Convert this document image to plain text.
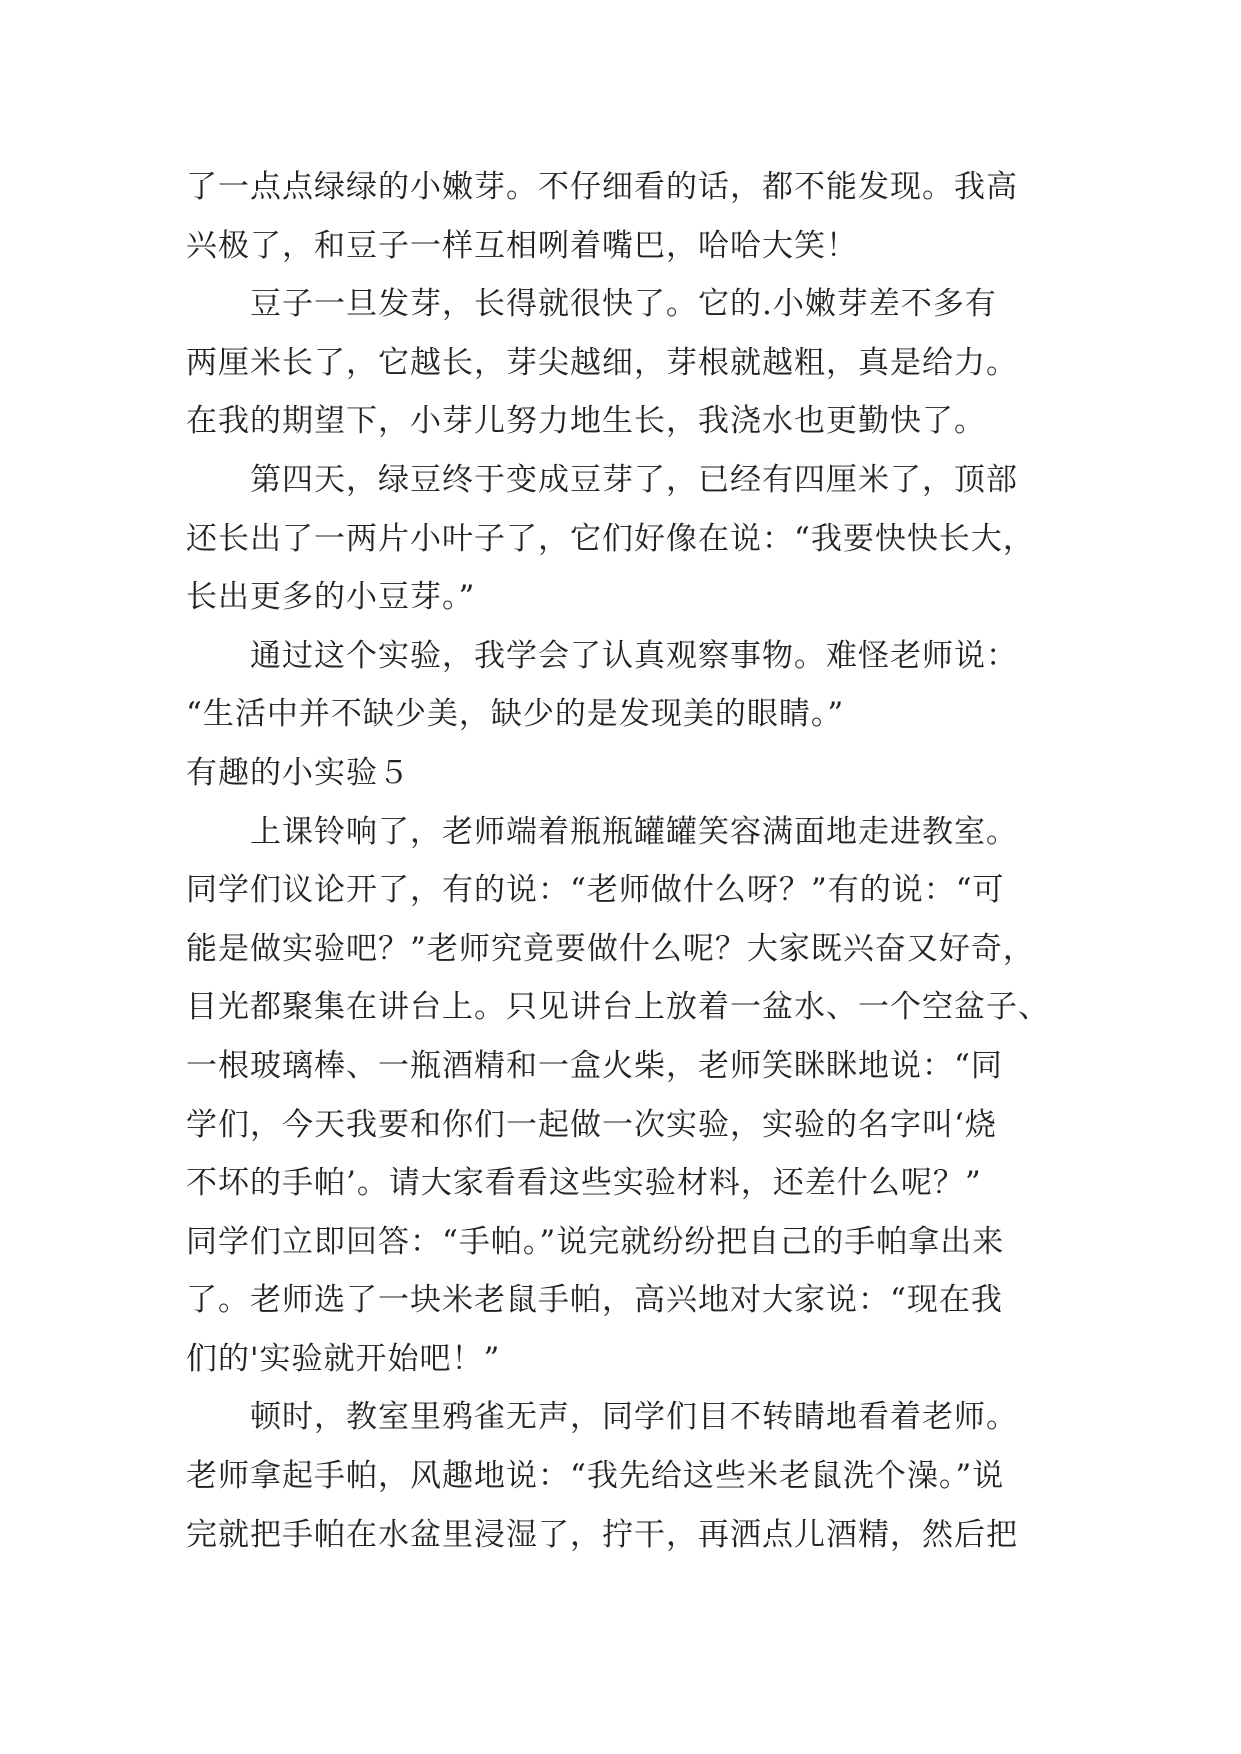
了一点点绿绿的小嫩芽。不仔细看的话，都不能发现。我高
兴极了，和豆子一样互相咧着嘴巴，哈哈大笑！
豆子一旦发芽，长得就很快了。它的.小嫩芽差不多有
两厘米长了，它越长，芽尖越细，芽根就越粗，真是给力。
在我的期望下，小芽儿努力地生长，我浇水也更勤快了。
第四天，绿豆终于变成豆芽了，已经有四厘米了，顶部
还长出了一两片小叶子了，它们好像在说：“我要快快长大，
长出更多的小豆芽。”
通过这个实验，我学会了认真观察事物。难怪老师说：
“生活中并不缺少美，缺少的是发现美的眼睛。”
有趣的小实验５
上课铃响了，老师端着瓶瓶罐罐笑容满面地走进教室。
同学们议论开了，有的说：“老师做什么呀？”有的说：“可
能是做实验吧？”老师究竟要做什么呢？大家既兴奋又好奇，
目光都聚集在讲台上。只见讲台上放着一盆水、一个空盆子、
一根玻璃棒、一瓶酒精和一盒火柴，老师笑眯眯地说：“同
学们，今天我要和你们一起做一次实验，实验的名字叫‘烧
不坏的手帕’。请大家看看这些实验材料，还差什么呢？”
同学们立即回答：“手帕。”说完就纷纷把自己的手帕拿出来
了。老师选了一块米老鼠手帕，高兴地对大家说：“现在我
们的'实验就开始吧！”
顿时，教室里鸦雀无声，同学们目不转睛地看着老师。
老师拿起手帕，风趣地说：“我先给这些米老鼠洗个澡。”说
完就把手帕在水盆里浸湿了，拧干，再洒点儿酒精，然后把
